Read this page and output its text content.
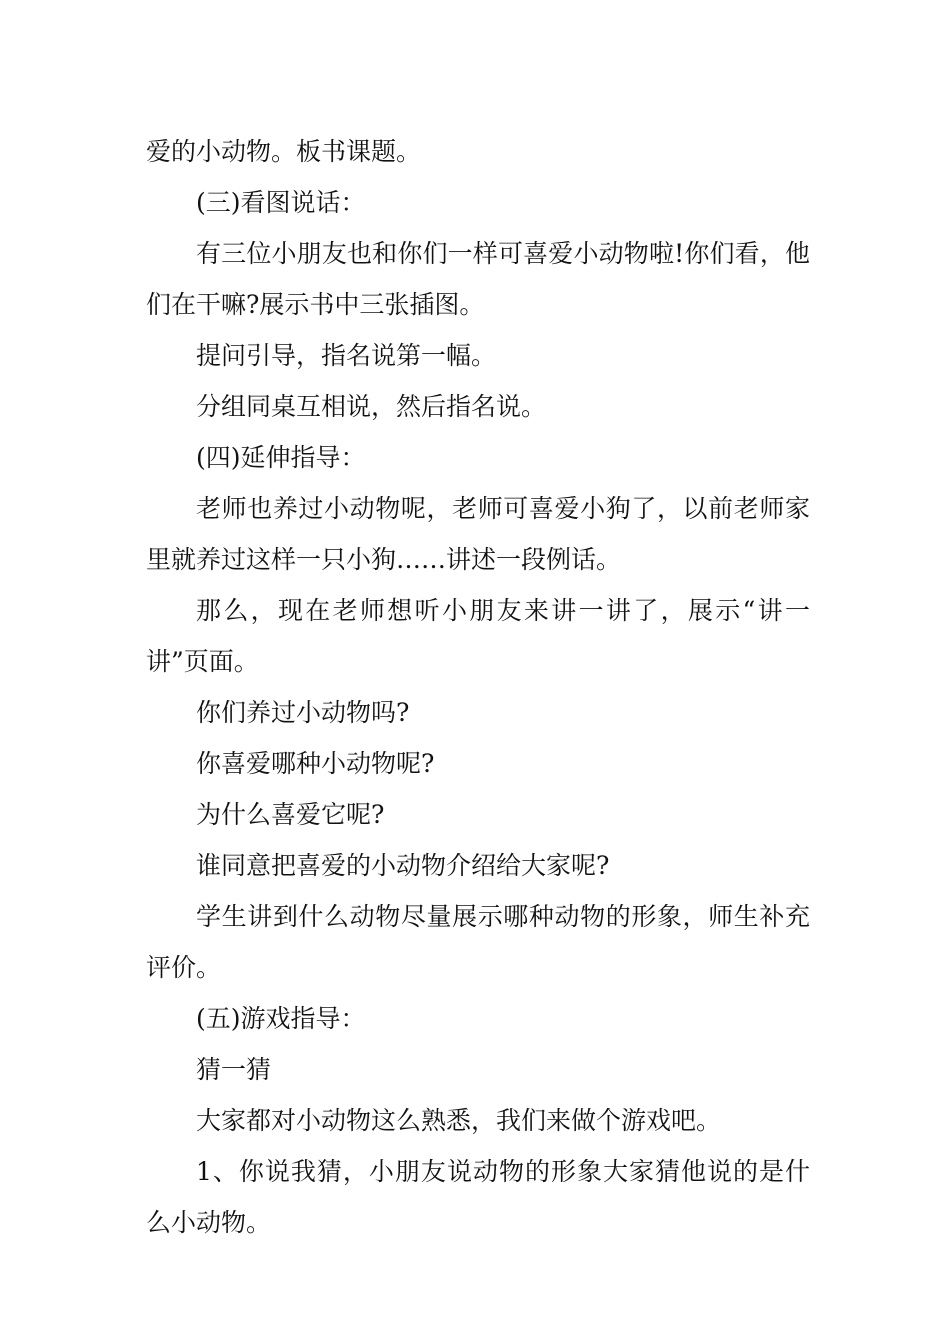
爱的小动物。板书课题。

(三)看图说话：

有三位小朋友也和你们一样可喜爱小动物啦!你们看，他们在干嘛?展示书中三张插图。

提问引导，指名说第一幅。

分组同桌互相说，然后指名说。

(四)延伸指导：

老师也养过小动物呢，老师可喜爱小狗了，以前老师家里就养过这样一只小狗……讲述一段例话。

那么，现在老师想听小朋友来讲一讲了，展示“讲一讲”页面。

你们养过小动物吗?

你喜爱哪种小动物呢?

为什么喜爱它呢?

谁同意把喜爱的小动物介绍给大家呢?

学生讲到什么动物尽量展示哪种动物的形象，师生补充评价。

(五)游戏指导：

猜一猜

大家都对小动物这么熟悉，我们来做个游戏吧。

1、你说我猜，小朋友说动物的形象大家猜他说的是什么小动物。
